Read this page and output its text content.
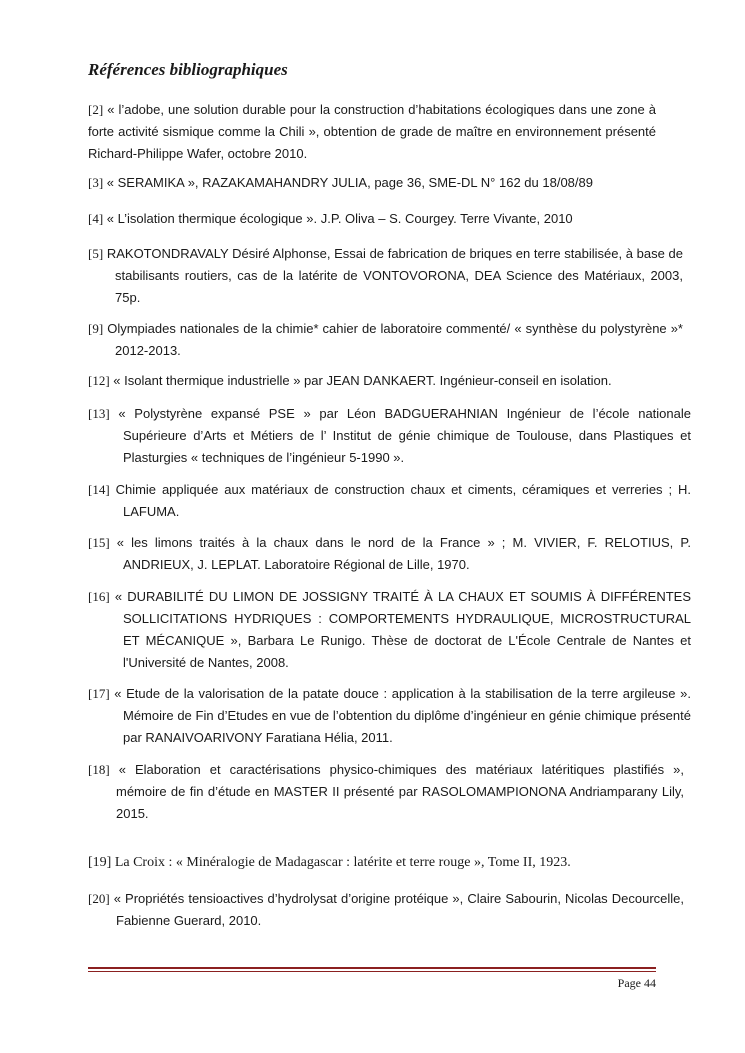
Références bibliographiques

[2] « l’adobe, une solution durable pour la construction d’habitations écologiques dans une zone à forte activité sismique comme la Chili », obtention de grade de maître en environnement présenté Richard-Philippe Wafer, octobre 2010.

[3] « SERAMIKA », RAZAKAMAHANDRY JULIA, page 36, SME-DL N° 162 du 18/08/89

[4] « L’isolation thermique écologique ». J.P. Oliva – S. Courgey. Terre Vivante, 2010

[5] RAKOTONDRAVALY Désiré Alphonse, Essai de fabrication de briques en terre stabilisée, à base de stabilisants routiers, cas de la latérite de VONTOVORONA, DEA Science des Matériaux, 2003, 75p.

[9] Olympiades nationales de la chimie* cahier de laboratoire commenté/ « synthèse du polystyrène »* 2012-2013.

[12] « Isolant thermique industrielle » par JEAN DANKAERT. Ingénieur-conseil en isolation.

[13] « Polystyrène expansé PSE » par Léon BADGUERAHNIAN Ingénieur de l’école nationale Supérieure d’Arts et Métiers de l’ Institut de génie chimique de Toulouse, dans Plastiques et Plasturgies « techniques de l’ingénieur 5-1990 ».

[14] Chimie appliquée aux matériaux de construction chaux et ciments, céramiques et verreries ; H. LAFUMA.

[15] « les limons traités à la chaux dans le nord de la France » ; M. VIVIER, F. RELOTIUS, P. ANDRIEUX, J. LEPLAT. Laboratoire Régional de Lille, 1970.

[16] « DURABILITÉ DU LIMON DE JOSSIGNY TRAITÉ À LA CHAUX ET SOUMIS À DIFFÉRENTES SOLLICITATIONS HYDRIQUES : COMPORTEMENTS HYDRAULIQUE, MICROSTRUCTURAL ET MÉCANIQUE », Barbara Le Runigo. Thèse de doctorat de L'École Centrale de Nantes et l'Université de Nantes, 2008.

[17] « Etude de la valorisation de la patate douce : application à la stabilisation de la terre argileuse ». Mémoire de Fin d’Etudes en vue de l’obtention du diplôme d’ingénieur en génie chimique présenté par RANAIVOARIVONY Faratiana Hélia, 2011.

[18] « Elaboration et caractérisations physico-chimiques des matériaux latéritiques plastifiés », mémoire de fin d’étude en MASTER II présenté par RASOLOMAMPIONONA Andriamparany Lily, 2015.

[19] La Croix : « Minéralogie de Madagascar : latérite et terre rouge », Tome II, 1923.

[20] « Propriétés tensioactives d’hydrolysat d’origine protéique », Claire Sabourin, Nicolas Decourcelle, Fabienne Guerard, 2010.

Page 44
